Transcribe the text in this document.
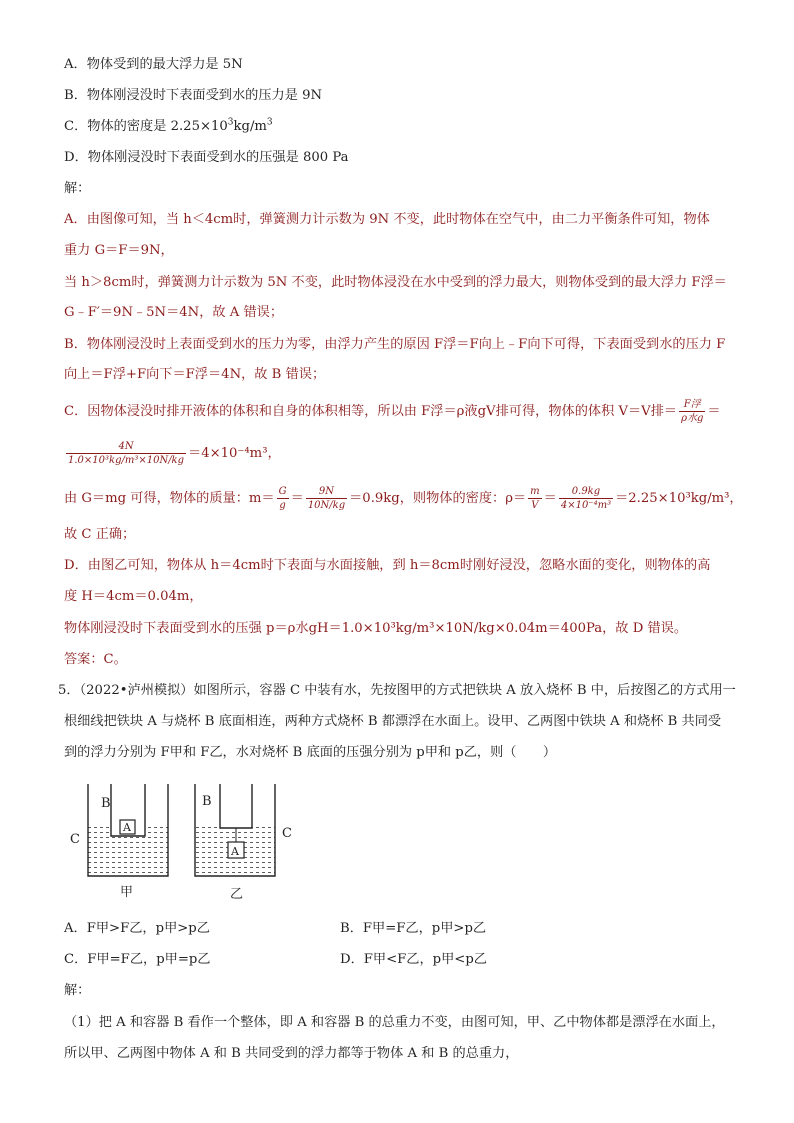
A．物体受到的最大浮力是 5N
B．物体刚浸没时下表面受到水的压力是 9N
C．物体的密度是 $2.25\times 10^3kg/m^3$
D．物体刚浸没时下表面受到水的压强是 800 Pa
解：
A．由图像可知，当 h＜4cm时，弹簧测力计示数为 9N 不变，此时物体在空气中，由二力平衡条件可知，物体
重力 G＝F＝9N，
当 h＞8cm时，弹簧测力计示数为 5N 不变，此时物体浸没在水中受到的浮力最大，则物体受到的最大浮力 F浮＝
G﹣F′＝9N﹣5N＝4N，故 A 错误；
B．物体刚浸没时上表面受到水的压力为零，由浮力产生的原因 F浮＝F向上﹣F向下可得，下表面受到水的压力 F
向上＝F浮+F向下＝F浮＝4N，故 B 错误；
C．因物体浸没时排开液体的体积和自身的体积相等，所以由 F浮＝ρ液gV排可得，物体的体积 V＝V排＝ $\frac{\text{F浮}}{\text{ρ水g}}$ ＝
$\frac{4N}{\text{1.0×10³kg/m³×10N/kg}} =4\times 10^{-4}m^3$，
由 G＝mg 可得，物体的质量：$m= \frac{G}{g} = \frac{9N}{10N/kg} =0.9kg$，则物体的密度：$\rho= \frac{m}{V} = \frac{0.9kg}{\text{4×10⁻⁴m³}} =2.25\times 10^3kg/m^3$，
故 C 正确；
D．由图乙可知，物体从 h＝4cm时下表面与水面接触，到 h＝8cm时刚好浸没，忽略水面的变化，则物体的高
度 H＝4cm＝0.04m，
物体刚浸没时下表面受到水的压强 p＝ρ水gH＝1.0×10³kg/m³×10N/kg×0.04m＝400Pa，故 D 错误。
答案：C。
5．（2022•泸州模拟）如图所示，容器 C 中装有水，先按图甲的方式把铁块 A 放入烧杯 B 中，后按图乙的方式用一
根细线把铁块 A 与烧杯 B 底面相连，两种方式烧杯 B 都漂浮在水面上。设甲、乙两图中铁块 A 和烧杯 B 共同受
到的浮力分别为 F甲和 F乙，水对烧杯 B 底面的压强分别为 p甲和 p乙，则（　　）
B
A
C
甲
B
A
C
乙
A．F甲>F乙，p甲>p乙	B．F甲=F乙，p甲>p乙
C．F甲=F乙，p甲=p乙	D．F甲<F乙，p甲<p乙
解：
（1）把 A 和容器 B 看作一个整体，即 A 和容器 B 的总重力不变，由图可知，甲、乙中物体都是漂浮在水面上，
所以甲、乙两图中物体 A 和 B 共同受到的浮力都等于物体 A 和 B 的总重力，
